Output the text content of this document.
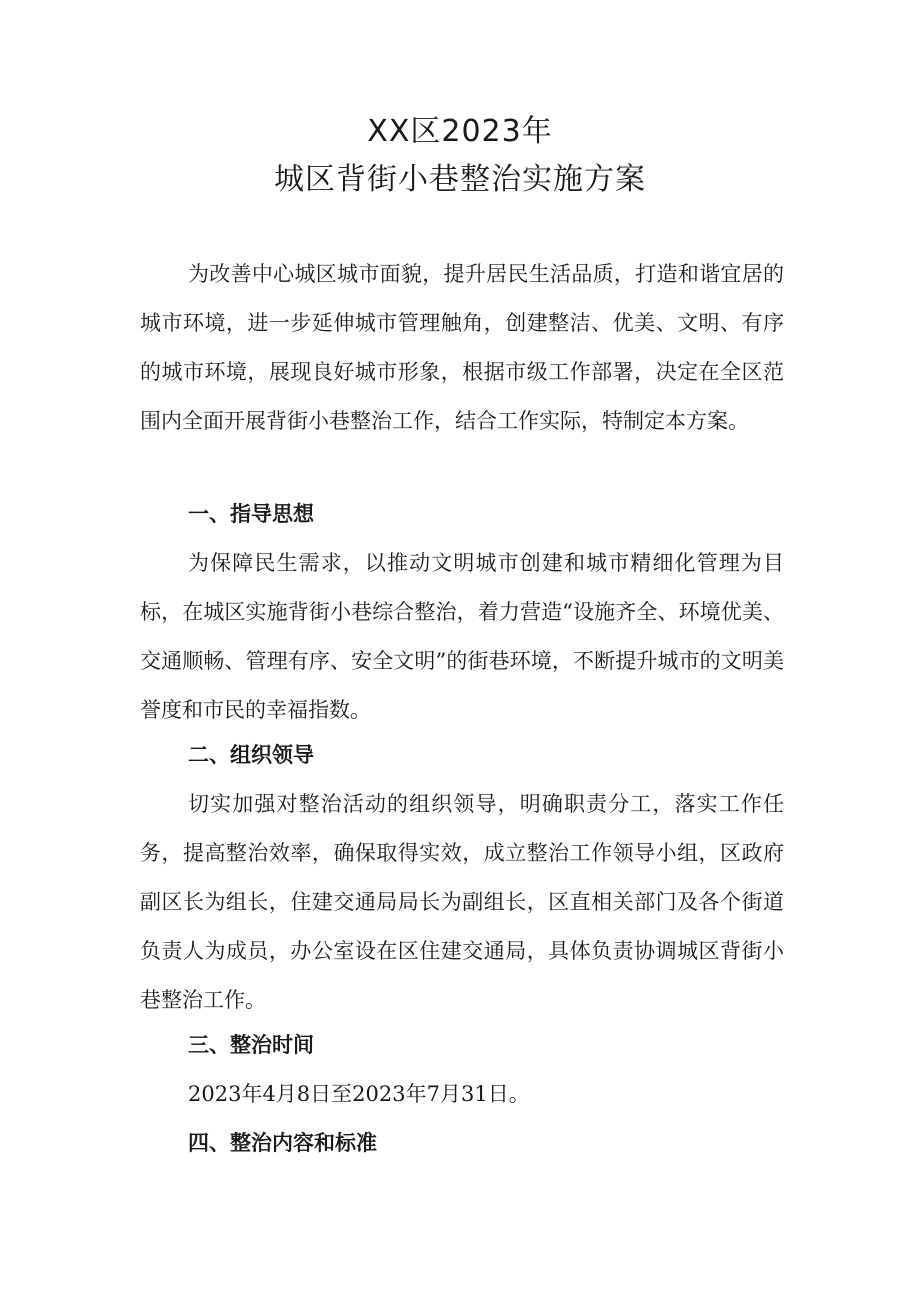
XX区2023年
城区背街小巷整治实施方案

为改善中心城区城市面貌，提升居民生活品质，打造和谐宜居的城市环境，进一步延伸城市管理触角，创建整洁、优美、文明、有序的城市环境，展现良好城市形象，根据市级工作部署，决定在全区范围内全面开展背街小巷整治工作，结合工作实际，特制定本方案。

一、指导思想

为保障民生需求，以推动文明城市创建和城市精细化管理为目标，在城区实施背街小巷综合整治，着力营造“设施齐全、环境优美、交通顺畅、管理有序、安全文明”的街巷环境，不断提升城市的文明美誉度和市民的幸福指数。

二、组织领导

切实加强对整治活动的组织领导，明确职责分工，落实工作任务，提高整治效率，确保取得实效，成立整治工作领导小组，区政府副区长为组长，住建交通局局长为副组长，区直相关部门及各个街道负责人为成员，办公室设在区住建交通局，具体负责协调城区背街小巷整治工作。

三、整治时间

2023年4月8日至2023年7月31日。

四、整治内容和标准
